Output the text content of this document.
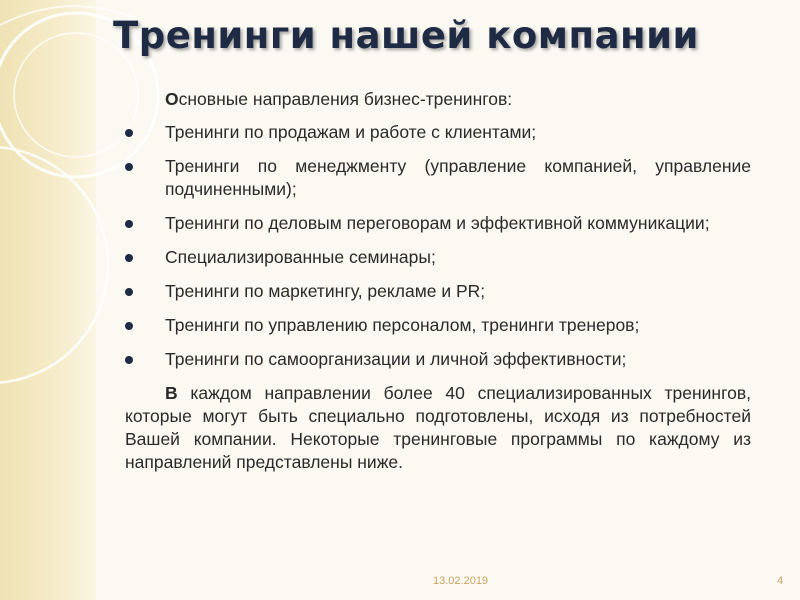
Тренинги нашей компании

Основные направления бизнес-тренингов:

Тренинги по продажам и работе с клиентами;
Тренинги по менеджменту (управление компанией, управление подчиненными);
Тренинги по деловым переговорам и эффективной коммуникации;
Специализированные семинары;
Тренинги по маркетингу, рекламе и PR;
Тренинги по управлению персоналом, тренинги тренеров;
Тренинги по самоорганизации и личной эффективности;

В каждом направлении более 40 специализированных тренингов, которые могут быть специально подготовлены, исходя из потребностей Вашей компании. Некоторые тренинговые программы по каждому из направлений представлены ниже.

13.02.2019	4
